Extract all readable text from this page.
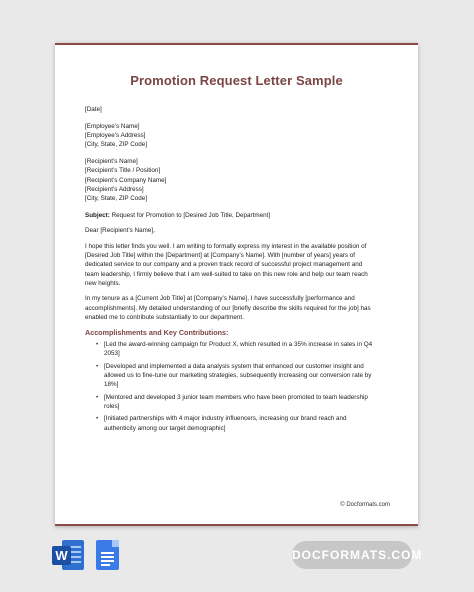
Promotion Request Letter Sample
[Date]
[Employee’s Name]
[Employee’s Address]
[City, State, ZIP Code]
[Recipient’s Name]
[Recipient’s Title / Position]
[Recipient’s Company Name]
[Recipient’s Address]
[City, State, ZIP Code]
Subject: Request for Promotion to [Desired Job Title, Department]
Dear [Recipient’s Name],
I hope this letter finds you well. I am writing to formally express my interest in the available position of
[Desired Job Title] within the [Department] at [Company’s Name]. With [number of years] years of
dedicated service to our company and a proven track record of successful project management and
team leadership, I firmly believe that I am well-suited to take on this new role and help our team reach
new heights.
In my tenure as a [Current Job Title] at [Company’s Name], I have successfully [performance and
accomplishments]. My detailed understanding of our [briefly describe the skills required for the job] has
enabled me to contribute substantially to our department.
Accomplishments and Key Contributions:
• [Led the award-winning campaign for Product X, which resulted in a 35% increase in sales in Q4
2053]
• [Developed and implemented a data analysis system that enhanced our customer insight and
allowed us to fine-tune our marketing strategies, subsequently increasing our conversion rate by
18%]
• [Mentored and developed 3 junior team members who have been promoted to team leadership
roles]
• [Initiated partnerships with 4 major industry influencers, increasing our brand reach and
authenticity among our target demographic]
© Docformats.com
W	DOCFORMATS.COM
